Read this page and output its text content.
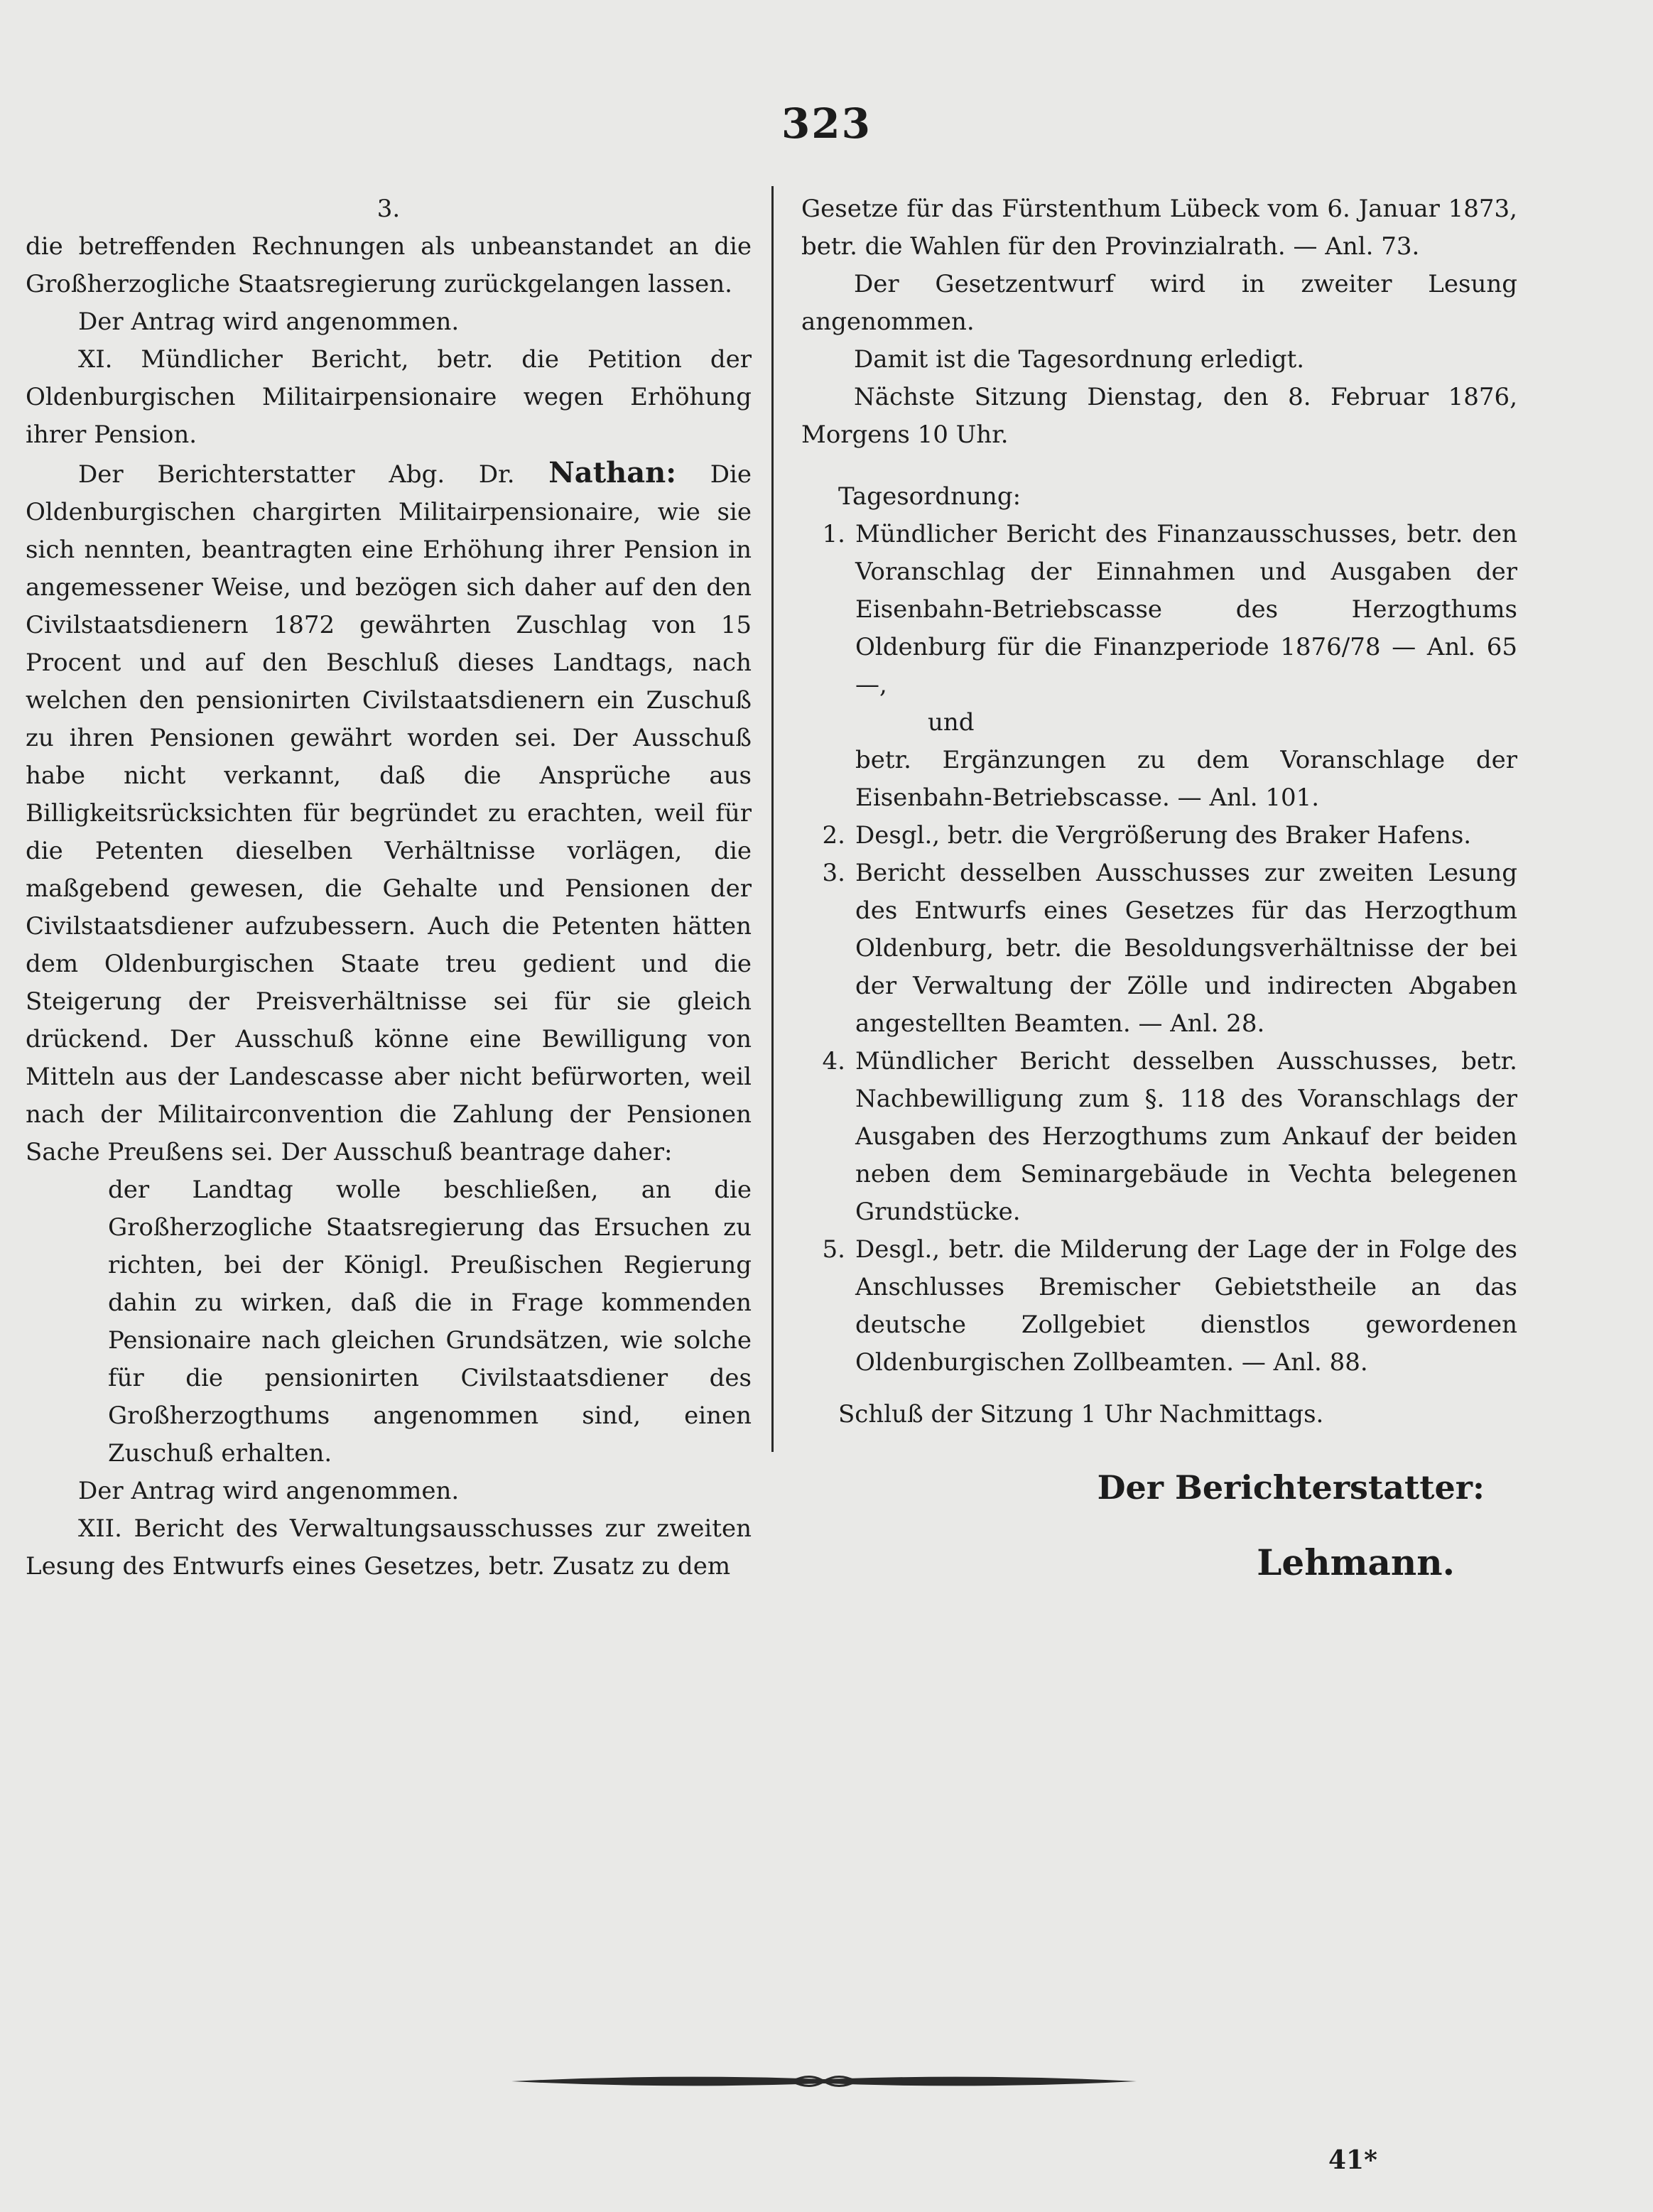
323

3.

die betreffenden Rechnungen als unbeanstandet an die Großherzogliche Staatsregierung zurückgelangen lassen.

Der Antrag wird angenommen.

XI. Mündlicher Bericht, betr. die Petition der Oldenburgischen Militairpensionaire wegen Erhöhung ihrer Pension.

Der Berichterstatter Abg. Dr. Nathan: Die Oldenburgischen chargirten Militairpensionaire, wie sie sich nennten, beantragten eine Erhöhung ihrer Pension in angemessener Weise, und bezögen sich daher auf den den Civilstaatsdienern 1872 gewährten Zuschlag von 15 Procent und auf den Beschluß dieses Landtags, nach welchen den pensionirten Civilstaatsdienern ein Zuschuß zu ihren Pensionen gewährt worden sei. Der Ausschuß habe nicht verkannt, daß die Ansprüche aus Billigkeitsrücksichten für begründet zu erachten, weil für die Petenten dieselben Verhältnisse vorlägen, die maßgebend gewesen, die Gehalte und Pensionen der Civilstaatsdiener aufzubessern. Auch die Petenten hätten dem Oldenburgischen Staate treu gedient und die Steigerung der Preisverhältnisse sei für sie gleich drückend. Der Ausschuß könne eine Bewilligung von Mitteln aus der Landescasse aber nicht befürworten, weil nach der Militairconvention die Zahlung der Pensionen Sache Preußens sei. Der Ausschuß beantrage daher:

der Landtag wolle beschließen, an die Großherzogliche Staatsregierung das Ersuchen zu richten, bei der Königl. Preußischen Regierung dahin zu wirken, daß die in Frage kommenden Pensionaire nach gleichen Grundsätzen, wie solche für die pensionirten Civilstaatsdiener des Großherzogthums angenommen sind, einen Zuschuß erhalten.

Der Antrag wird angenommen.

XII. Bericht des Verwaltungsausschusses zur zweiten Lesung des Entwurfs eines Gesetzes, betr. Zusatz zu dem

Gesetze für das Fürstenthum Lübeck vom 6. Januar 1873, betr. die Wahlen für den Provinzialrath. — Anl. 73.

Der Gesetzentwurf wird in zweiter Lesung angenommen.

Damit ist die Tagesordnung erledigt.

Nächste Sitzung Dienstag, den 8. Februar 1876, Morgens 10 Uhr.

Tagesordnung:

1. Mündlicher Bericht des Finanzausschusses, betr. den Voranschlag der Einnahmen und Ausgaben der Eisenbahn-Betriebscasse des Herzogthums Oldenburg für die Finanzperiode 1876/78 — Anl. 65 —,

und

betr. Ergänzungen zu dem Voranschlage der Eisenbahn-Betriebscasse. — Anl. 101.

2. Desgl., betr. die Vergrößerung des Braker Hafens.
3. Bericht desselben Ausschusses zur zweiten Lesung des Entwurfs eines Gesetzes für das Herzogthum Oldenburg, betr. die Besoldungsverhältnisse der bei der Verwaltung der Zölle und indirecten Abgaben angestellten Beamten. — Anl. 28.
4. Mündlicher Bericht desselben Ausschusses, betr. Nachbewilligung zum §. 118 des Voranschlags der Ausgaben des Herzogthums zum Ankauf der beiden neben dem Seminargebäude in Vechta belegenen Grundstücke.
5. Desgl., betr. die Milderung der Lage der in Folge des Anschlusses Bremischer Gebietstheile an das deutsche Zollgebiet dienstlos gewordenen Oldenburgischen Zollbeamten. — Anl. 88.

Schluß der Sitzung 1 Uhr Nachmittags.

Der Berichterstatter:

Lehmann.

41*
